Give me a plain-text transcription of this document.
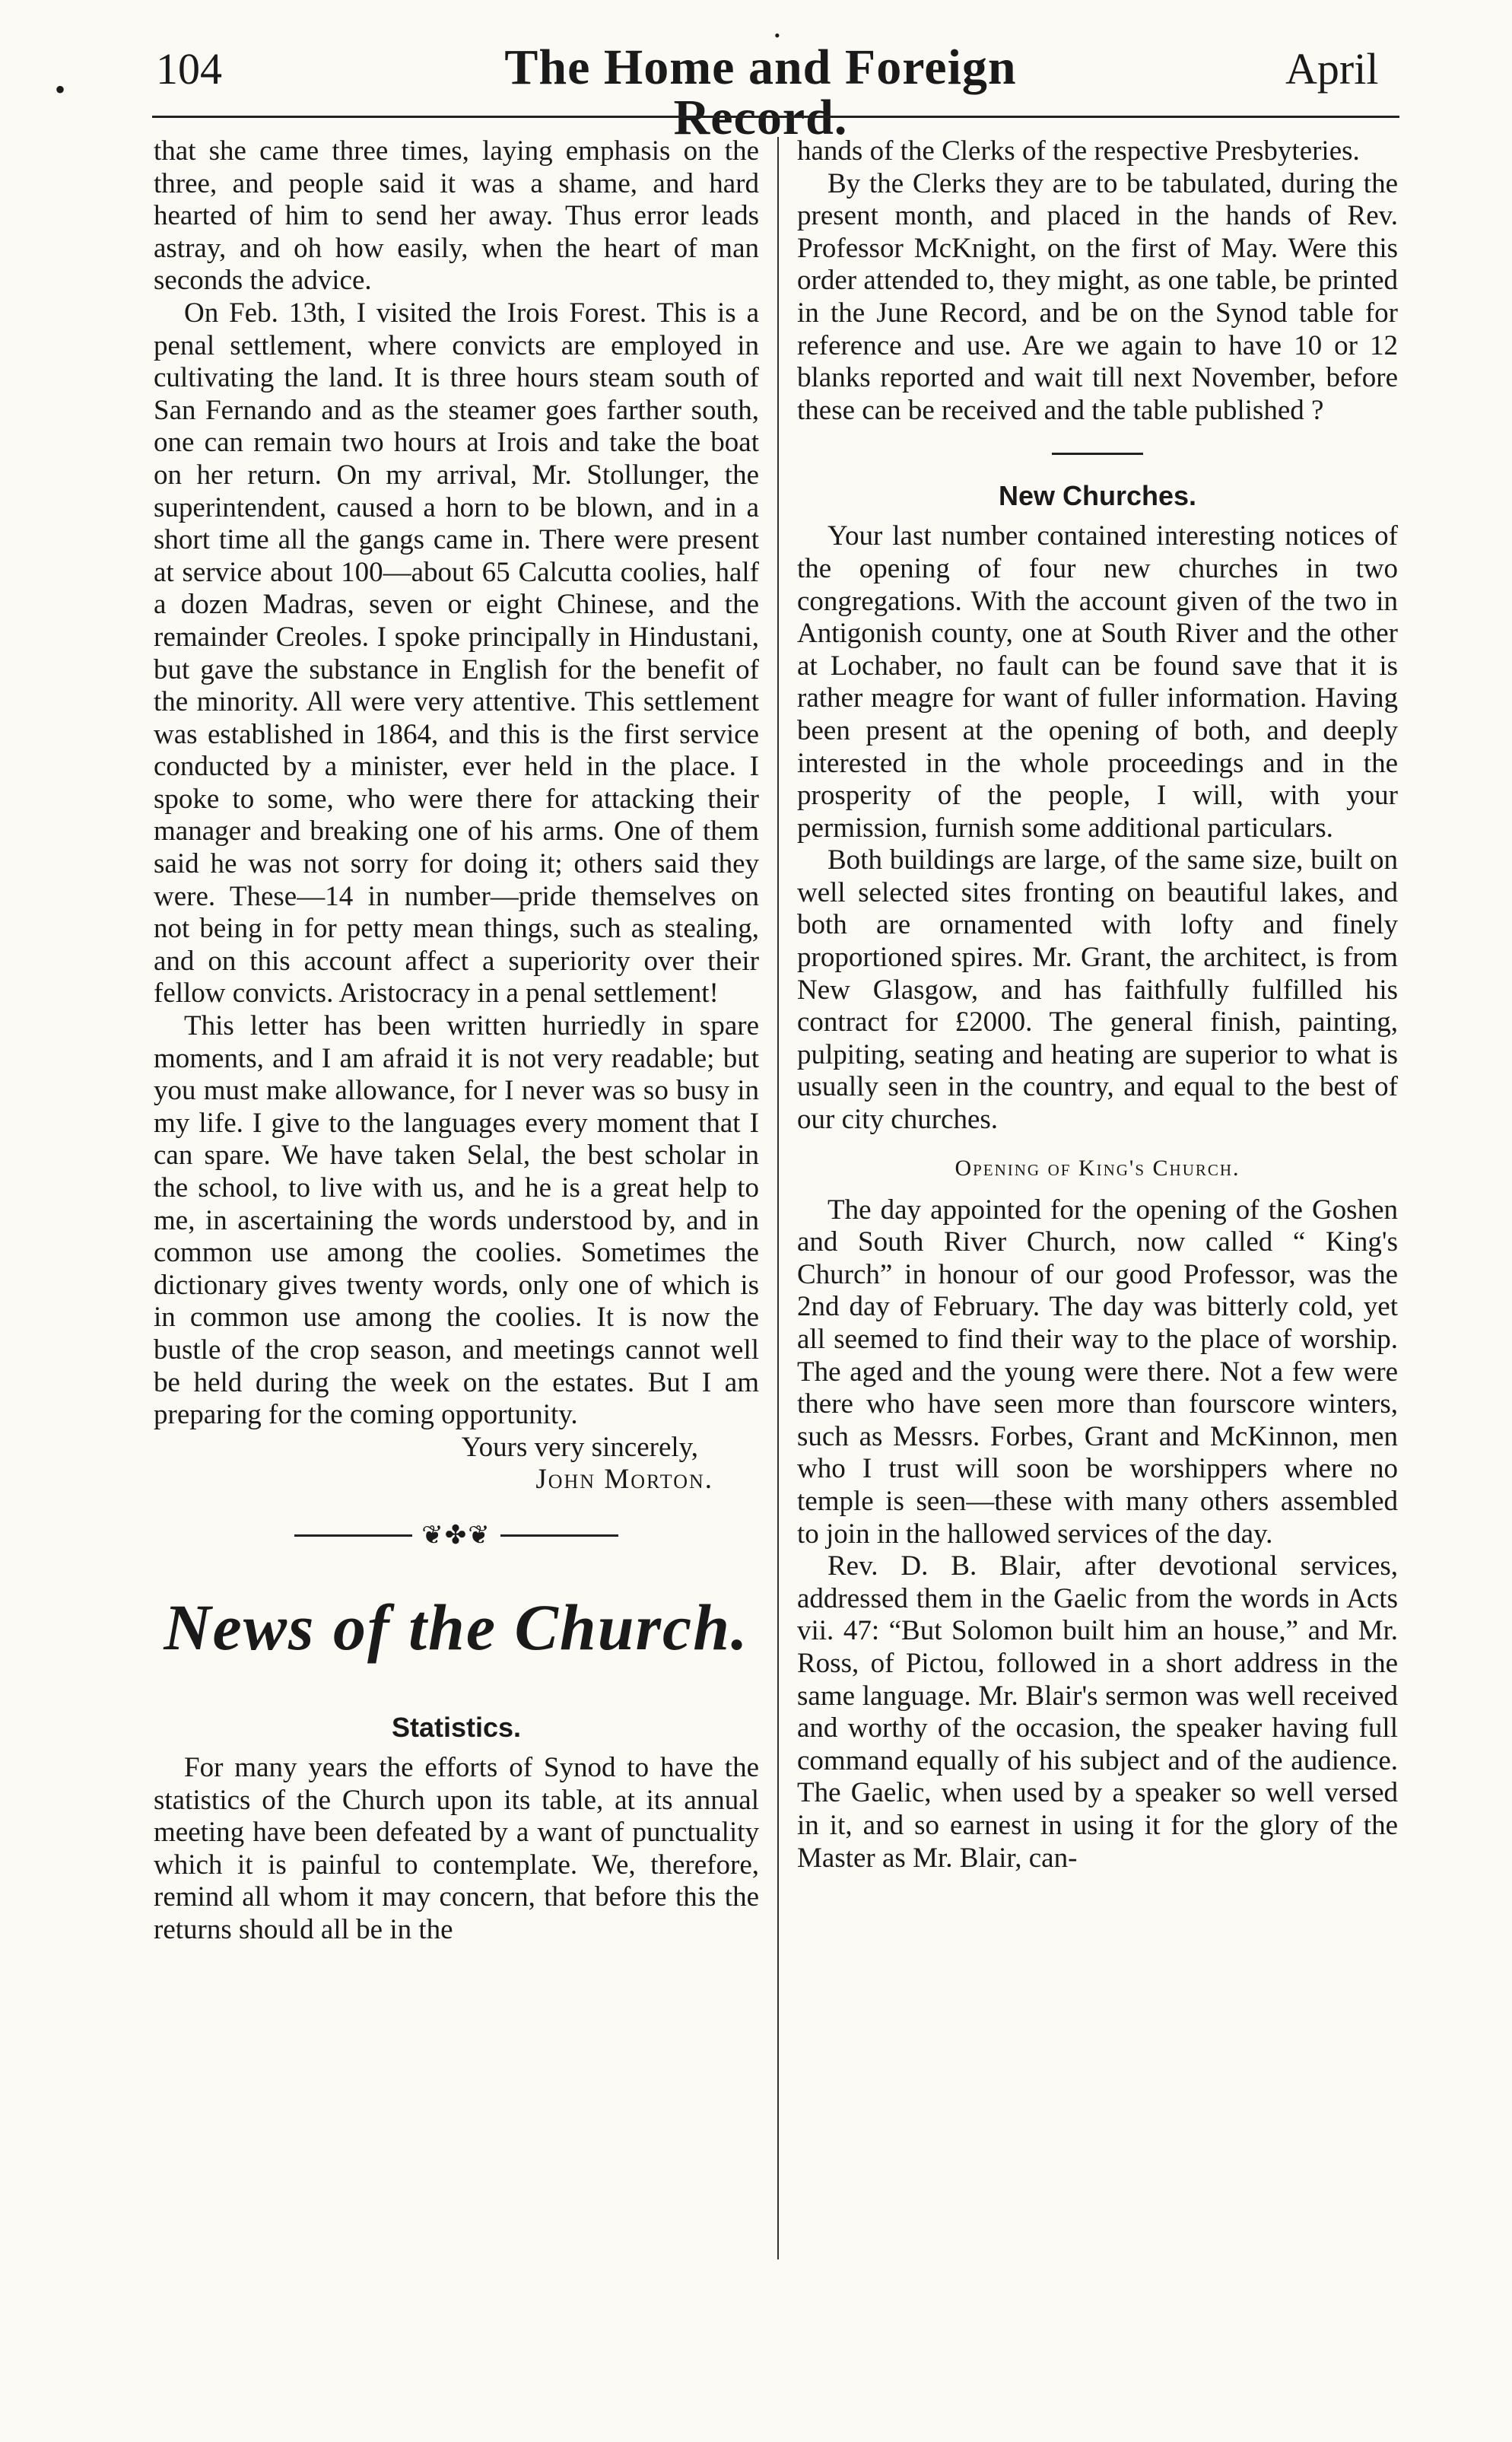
• 104
•
The Home and Foreign Record.
April

that she came three times, laying emphasis on the three, and people said it was a shame, and hard hearted of him to send her away. Thus error leads astray, and oh how easily, when the heart of man seconds the advice.

On Feb. 13th, I visited the Irois Forest. This is a penal settlement, where convicts are employed in cultivating the land. It is three hours steam south of San Fernando and as the steamer goes farther south, one can remain two hours at Irois and take the boat on her return. On my arrival, Mr. Stollunger, the superintendent, caused a horn to be blown, and in a short time all the gangs came in. There were present at service about 100—about 65 Calcutta coolies, half a dozen Madras, seven or eight Chinese, and the remainder Creoles. I spoke principally in Hindustani, but gave the substance in English for the benefit of the minority. All were very attentive. This settlement was established in 1864, and this is the first service conducted by a minister, ever held in the place. I spoke to some, who were there for attacking their manager and breaking one of his arms. One of them said he was not sorry for doing it; others said they were. These—14 in number—pride themselves on not being in for petty mean things, such as stealing, and on this account affect a superiority over their fellow convicts. Aristocracy in a penal settlement!

This letter has been written hurriedly in spare moments, and I am afraid it is not very readable; but you must make allowance, for I never was so busy in my life. I give to the languages every moment that I can spare. We have taken Selal, the best scholar in the school, to live with us, and he is a great help to me, in ascertaining the words understood by, and in common use among the coolies. Sometimes the dictionary gives twenty words, only one of which is in common use among the coolies. It is now the bustle of the crop season, and meetings cannot well be held during the week on the estates. But I am preparing for the coming opportunity.

Yours very sincerely,

John Morton.

❦✤❦
News of the Church.
Statistics.

For many years the efforts of Synod to have the statistics of the Church upon its table, at its annual meeting have been defeated by a want of punctuality which it is painful to contemplate. We, therefore, remind all whom it may concern, that before this the returns should all be in the

hands of the Clerks of the respective Presbyteries.

By the Clerks they are to be tabulated, during the present month, and placed in the hands of Rev. Professor McKnight, on the first of May. Were this order attended to, they might, as one table, be printed in the June Record, and be on the Synod table for reference and use. Are we again to have 10 or 12 blanks reported and wait till next November, before these can be received and the table published ?

New Churches.

Your last number contained interesting notices of the opening of four new churches in two congregations. With the account given of the two in Antigonish county, one at South River and the other at Lochaber, no fault can be found save that it is rather meagre for want of fuller information. Having been present at the opening of both, and deeply interested in the whole proceedings and in the prosperity of the people, I will, with your permission, furnish some additional particulars.

Both buildings are large, of the same size, built on well selected sites fronting on beautiful lakes, and both are ornamented with lofty and finely proportioned spires. Mr. Grant, the architect, is from New Glasgow, and has faithfully fulfilled his contract for £2000. The general finish, painting, pulpiting, seating and heating are superior to what is usually seen in the country, and equal to the best of our city churches.

Opening of King's Church.

The day appointed for the opening of the Goshen and South River Church, now called “ King's Church” in honour of our good Professor, was the 2nd day of February. The day was bitterly cold, yet all seemed to find their way to the place of worship. The aged and the young were there. Not a few were there who have seen more than fourscore winters, such as Messrs. Forbes, Grant and McKinnon, men who I trust will soon be worshippers where no temple is seen—these with many others assembled to join in the hallowed services of the day.

Rev. D. B. Blair, after devotional services, addressed them in the Gaelic from the words in Acts vii. 47: “But Solomon built him an house,” and Mr. Ross, of Pictou, followed in a short address in the same language. Mr. Blair's sermon was well received and worthy of the occasion, the speaker having full command equally of his subject and of the audience. The Gaelic, when used by a speaker so well versed in it, and so earnest in using it for the glory of the Master as Mr. Blair, can-
